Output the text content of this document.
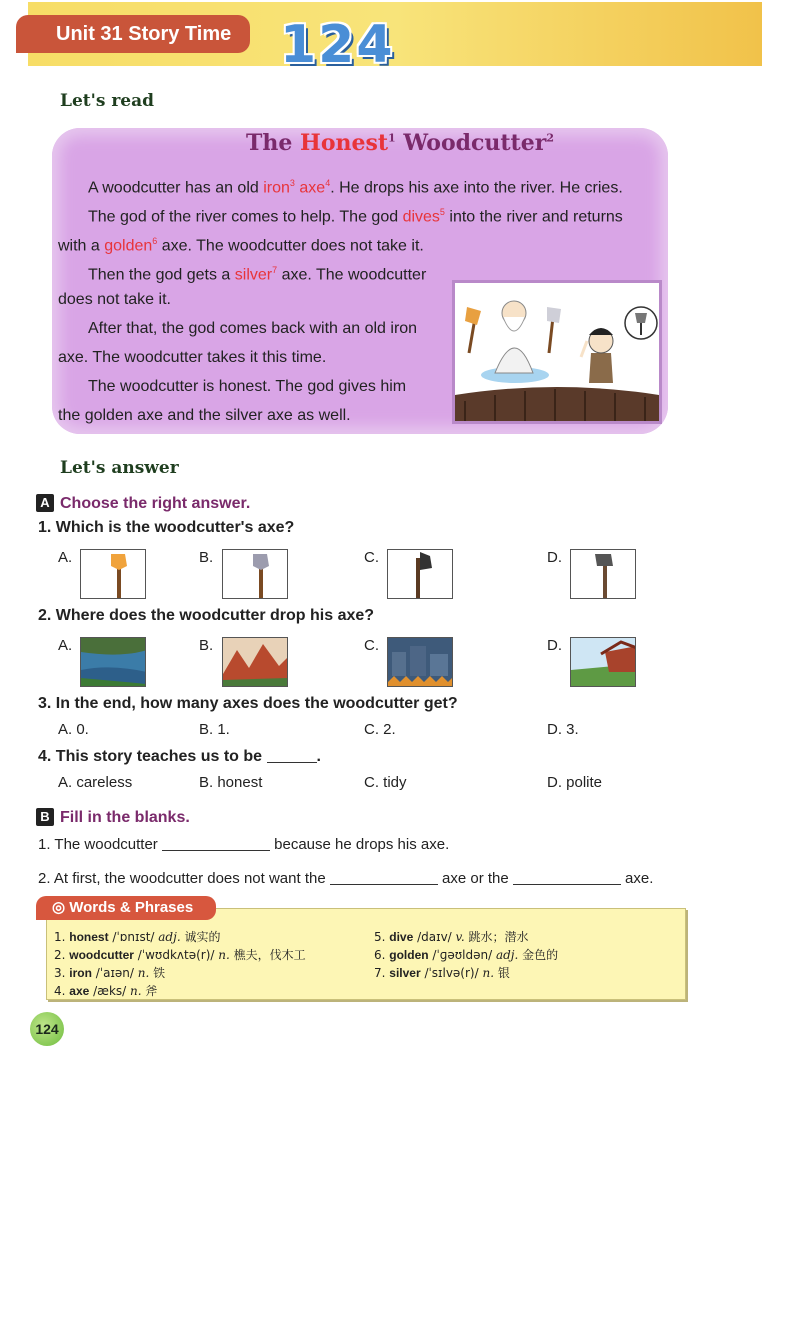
Unit 31 Story Time 124
Let's read
The Honest$^1$ Woodcutter$^2$
A woodcutter has an old iron$^3$ axe$^4$. He drops his axe into the river. He cries.
The god of the river comes to help. The god dives$^5$ into the river and returns
with a golden$^6$ axe. The woodcutter does not take it.
Then the god gets a silver$^7$ axe. The woodcutter
does not take it.
After that, the god comes back with an old iron
axe. The woodcutter takes it this time.
The woodcutter is honest. The god gives him
the golden axe and the silver axe as well.
Let's answer
A Choose the right answer.
1. Which is the woodcutter's axe?
A.	B.	C.	D.
2. Where does the woodcutter drop his axe?
A.	B.	C.	D.
3. In the end, how many axes does the woodcutter get?
A. 0.	B. 1.	C. 2.	D. 3.
4. This story teaches us to be	.
A. careless	B. honest	C. tidy	D. polite
B Fill in the blanks.
1. The woodcutter	because he drops his axe.
2. At first, the woodcutter does not want the	axe or the	axe.
◎ Words & Phrases
1. honest /ˈɒnɪst/ adj. 诚实的
2. woodcutter /ˈwʊdkʌtə(r)/ n. 樵夫，伐木工
3. iron /ˈaɪən/ n. 铁
4. axe /æks/ n. 斧
5. dive /daɪv/ v. 跳水；潜水
6. golden /ˈɡəʊldən/ adj. 金色的
7. silver /ˈsɪlvə(r)/ n. 银
124
